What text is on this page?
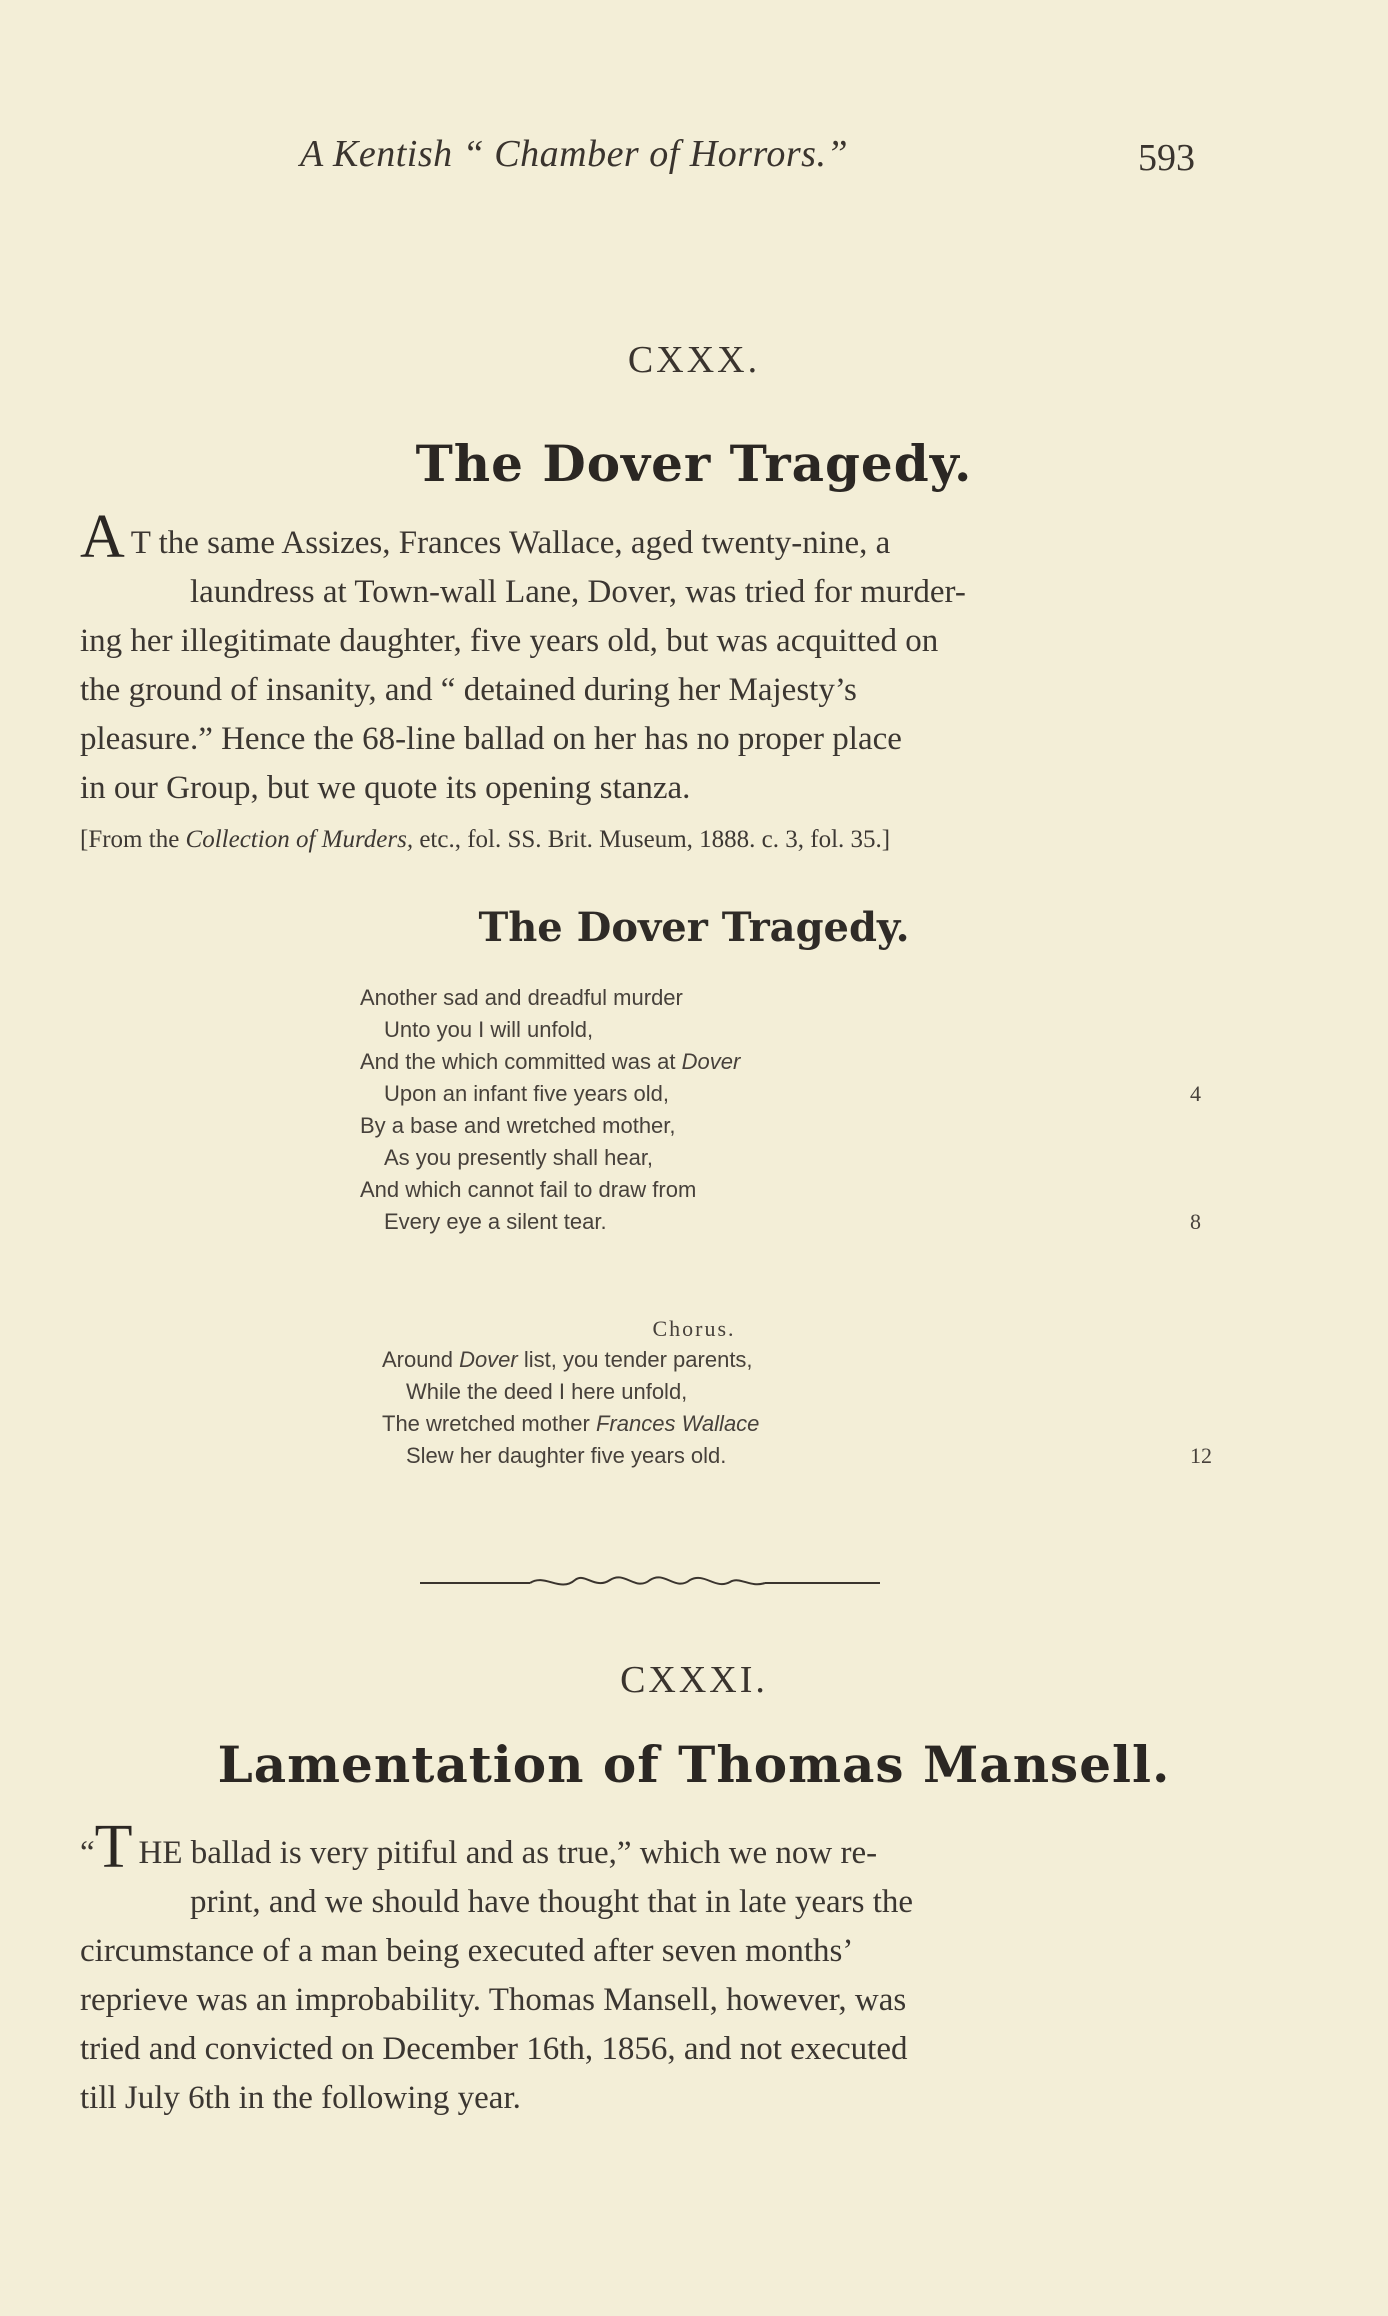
A Kentish “ Chamber of Horrors.”	593
CXXX.
The Dover Tragedy.

A T the same Assizes, Frances Wallace, aged twenty-nine, a

laundress at Town-wall Lane, Dover, was tried for murder-

ing her illegitimate daughter, five years old, but was acquitted on

the ground of insanity, and “ detained during her Majesty’s

pleasure.” Hence the 68-line ballad on her has no proper place

in our Group, but we quote its opening stanza.

[From the Collection of Murders, etc., fol. SS. Brit. Museum, 1888. c. 3, fol. 35.]
The Dover Tragedy.
Another sad and dreadful murder
Unto you I will unfold,
And the which committed was at Dover
Upon an infant five years old,	4
By a base and wretched mother,
As you presently shall hear,
And which cannot fail to draw from
Every eye a silent tear.	8
Chorus.
Around Dover list, you tender parents,
While the deed I here unfold,
The wretched mother Frances Wallace
Slew her daughter five years old.	12
CXXXI.
Lamentation of Thomas Mansell.

“T HE ballad is very pitiful and as true,” which we now re-

print, and we should have thought that in late years the

circumstance of a man being executed after seven months’

reprieve was an improbability. Thomas Mansell, however, was

tried and convicted on December 16th, 1856, and not executed

till July 6th in the following year.
